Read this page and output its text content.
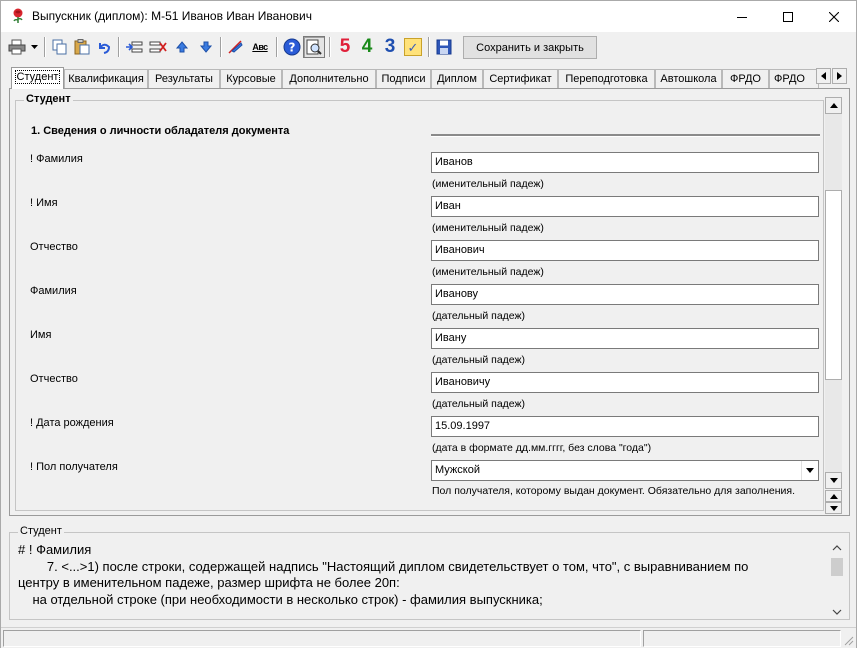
Выпускник (диплом): М-51 Иванов Иван Иванович
Авс ? 5 4 3 ✓	Сохранить и закрыть
Студент Квалификация	Результаты	Курсовые	Дополнительно	Подписи	Диплом	Сертификат	Переподготовка	Автошкола	ФРДО	ФРДО
Студент
1. Сведения о личности обладателя документа
! Фамилия	Иванов
(именительный падеж)
! Имя	Иван
(именительный падеж)
Отчество	Иванович
(именительный падеж)
Фамилия	Иванову
(дательный падеж)
Имя	Ивану
(дательный падеж)
Отчество	Ивановичу
(дательный падеж)
! Дата рождения	15.09.1997
(дата в формате дд.мм.гггг, без слова "года")
! Пол получателя	Мужской
Пол получателя, которому выдан документ. Обязательно для заполнения.
Студент
# ! Фамилия
7. <...>1) после строки, содержащей надпись "Настоящий диплом свидетельствует о том, что", с выравниванием по
центру в именительном падеже, размер шрифта не более 20п:
на отдельной строке (при необходимости в несколько строк) - фамилия выпускника;
